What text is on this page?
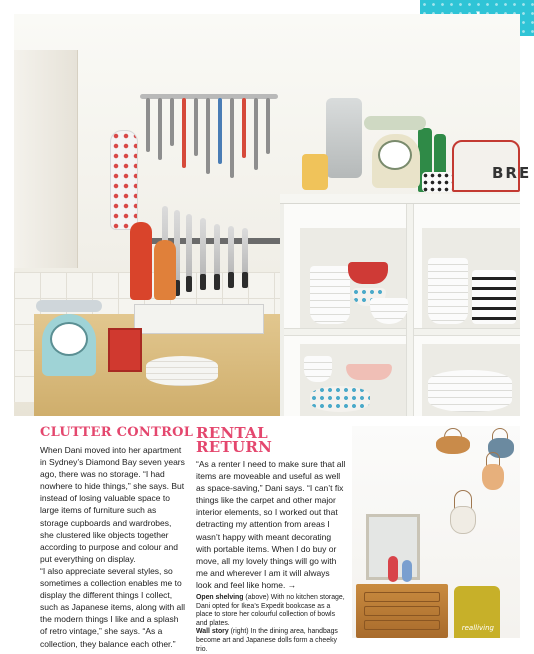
BRE
CLUTTER CONTROL

When Dani moved into her apartment in Sydney’s Diamond Bay seven years ago, there was no storage. “I had nowhere to hide things,” she says. But instead of losing valuable space to large items of furniture such as storage cupboards and wardrobes, she clustered like objects together according to purpose and colour and put everything on display.

“I also appreciate several styles, so sometimes a collection enables me to display the different things I collect, such as Japanese items, along with all the modern things I like and a splash of retro vintage,” she says. “As a collection, they balance each other.”

RENTAL
RETURN

“As a renter I need to make sure that all items are moveable and useful as well as space-saving,” Dani says. “I can’t fix things like the carpet and other major interior elements, so I worked out that detracting my attention from areas I wasn’t happy with meant decorating with portable items. When I do buy or move, all my lovely things will go with me and wherever I am it will always look and feel like home. →

Open shelving (above) With no kitchen storage, Dani opted for Ikea’s Expedit bookcase as a place to store her colourful collection of bowls and plates.

Wall story (right) In the dining area, handbags become art and Japanese dolls form a cheeky trio.

realliving
